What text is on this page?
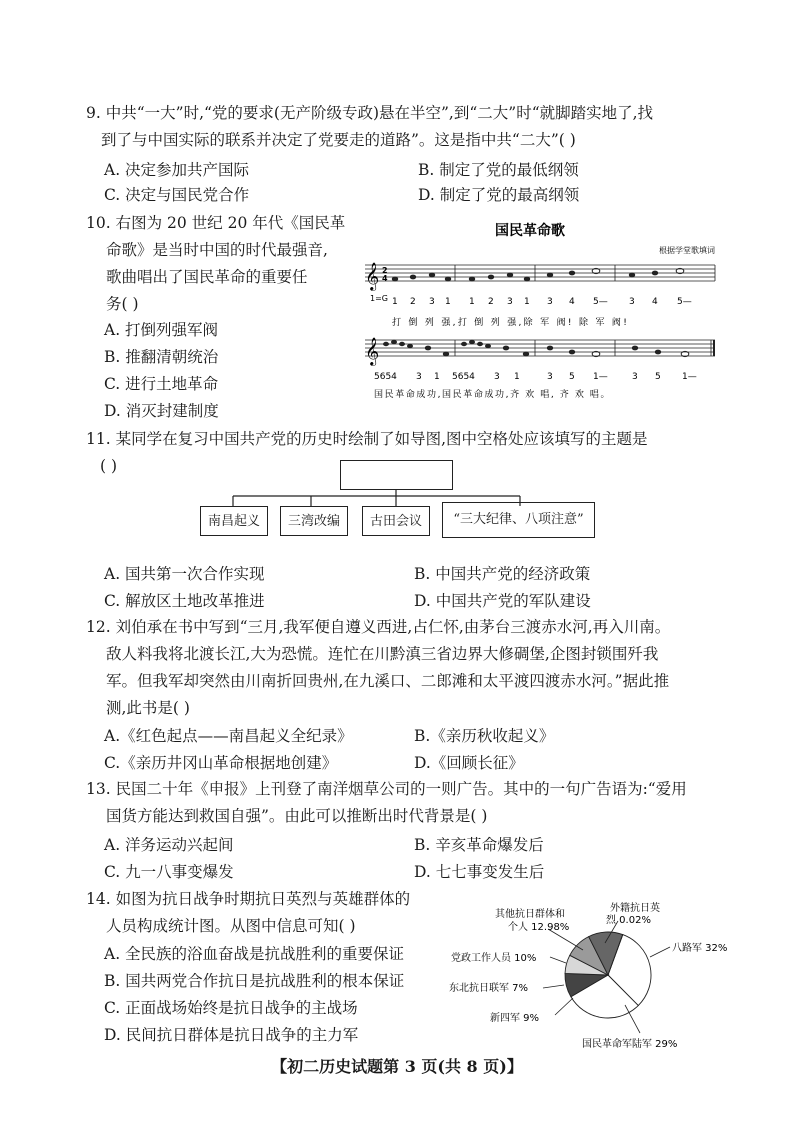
9. 中共“一大”时,“党的要求(无产阶级专政)悬在半空”,到“二大”时“就脚踏实地了,找
到了与中国实际的联系并决定了党要走的道路”。这是指中共“二大”( )
A. 决定参加共产国际	B. 制定了党的最低纲领
C. 决定与国民党合作	D. 制定了党的最高纲领
10. 右图为 20 世纪 20 年代《国民革
命歌》是当时中国的时代最强音,
歌曲唱出了国民革命的重要任
务( )
A. 打倒列强军阀
B. 推翻清朝统治
C. 进行土地革命
D. 消灭封建制度
国民革命歌
根据学堂歌填词
𝄞 2
4
1=G 1 2 3 1 1 2 3 1 3 4 5— 3 4 5—
打 倒 列 强,打 倒 列 强,除 军 阀! 除 军 阀!
𝄞
5654 3 1 5654 3 1	3 5 1—	3 5 1—
国民革命成功,国民革命成功,齐 欢 唱, 齐 欢 唱。
11. 某同学在复习中国共产党的历史时绘制了如导图,图中空格处应该填写的主题是
( )
南昌起义	三湾改编	古田会议	“三大纪律、八项注意”
A. 国共第一次合作实现	B. 中国共产党的经济政策
C. 解放区土地改革推进	D. 中国共产党的军队建设
12. 刘伯承在书中写到“三月,我军便自遵义西进,占仁怀,由茅台三渡赤水河,再入川南。
敌人料我将北渡长江,大为恐慌。连忙在川黔滇三省边界大修碉堡,企图封锁围歼我
军。但我军却突然由川南折回贵州,在九溪口、二郎滩和太平渡四渡赤水河。”据此推
测,此书是( )
A.《红色起点——南昌起义全纪录》	B.《亲历秋收起义》
C.《亲历井冈山革命根据地创建》	D.《回顾长征》
13. 民国二十年《申报》上刊登了南洋烟草公司的一则广告。其中的一句广告语为:“爱用
国货方能达到救国自强”。由此可以推断出时代背景是( )
A. 洋务运动兴起间	B. 辛亥革命爆发后
C. 九一八事变爆发	D. 七七事变发生后
14. 如图为抗日战争时期抗日英烈与英雄群体的
人员构成统计图。从图中信息可知( )
A. 全民族的浴血奋战是抗战胜利的重要保证
B. 国共两党合作抗日是抗战胜利的根本保证
C. 正面战场始终是抗日战争的主战场
D. 民间抗日群体是抗日战争的主力军
其他抗日群体和
个人 12.98%
外籍抗日英
烈 0.02%
党政工作人员 10%
八路军 32%
东北抗日联军 7%
新四军 9%
国民革命军陆军 29%
【初二历史试题第 3 页(共 8 页)】
